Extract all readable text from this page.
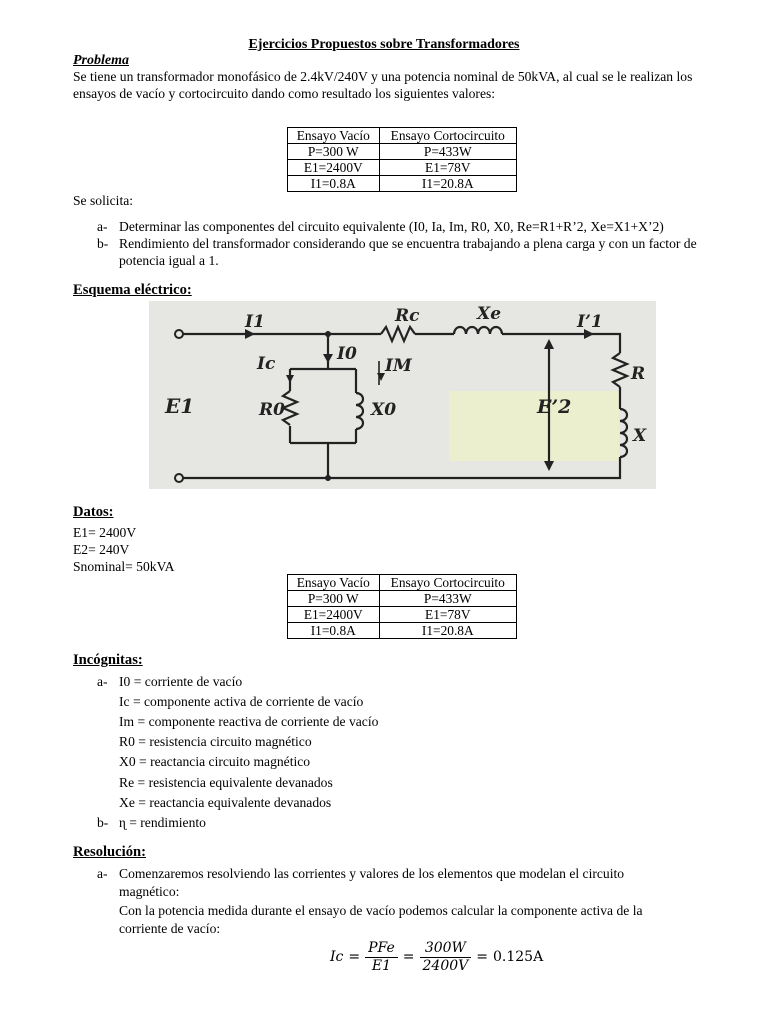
Ejercicios Propuestos sobre Transformadores
Problema
Se tiene un transformador monofásico de 2.4kV/240V y una potencia nominal de 50kVA, al cual se le realizan los
ensayos de vacío y cortocircuito dando como resultado los siguientes valores:
Ensayo Vacío	Ensayo Cortocircuito
P=300 W	P=433W
E1=2400V	E1=78V
I1=0.8A	I1=20.8A
Se solicita:
a- Determinar las componentes del circuito equivalente (I0, Ia, Im, R0, X0, Re=R1+R’2, Xe=X1+X’2)
b- Rendimiento del transformador considerando que se encuentra trabajando a plena carga y con un factor de
potencia igual a 1.
Esquema eléctrico:
I1	Rc	Xe	I’1
Ic	I0
IM
E1	R0	X0	E’2
R
X
Datos:
E1= 2400V
E2= 240V
Snominal= 50kVA
Ensayo Vacío	Ensayo Cortocircuito
P=300 W	P=433W
E1=2400V	E1=78V
I1=0.8A	I1=20.8A
Incógnitas:
a- I0 = corriente de vacío
Ic = componente activa de corriente de vacío
Im = componente reactiva de corriente de vacío
R0 = resistencia circuito magnético
X0 = reactancia circuito magnético
Re = resistencia equivalente devanados
Xe = reactancia equivalente devanados
b- ɳ = rendimiento
Resolución:
a- Comenzaremos resolviendo las corrientes y valores de los elementos que modelan el circuito
magnético:
Con la potencia medida durante el ensayo de vacío podemos calcular la componente activa de la
corriente de vacío:
$Ic = \frac{\text{PFe}}{E1} = \frac{300W}{2400V} = 0.125A$
